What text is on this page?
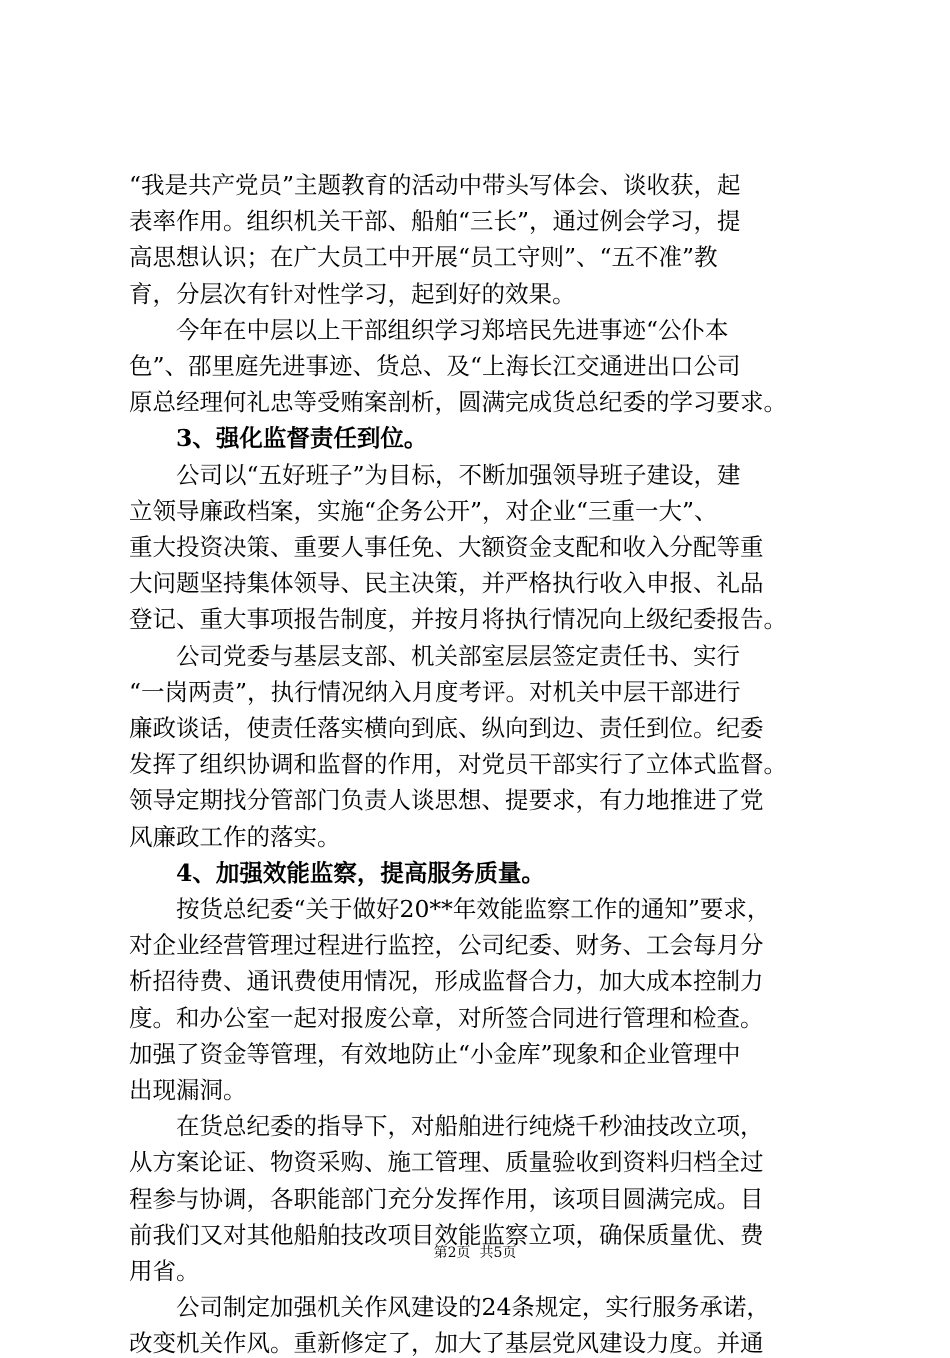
“我是共产党员”主题教育的活动中带头写体会、谈收获，起
表率作用。组织机关干部、船舶“三长”，通过例会学习，提
高思想认识；在广大员工中开展“员工守则”、“五不准”教
育，分层次有针对性学习，起到好的效果。
　　今年在中层以上干部组织学习郑培民先进事迹“公仆本
色”、邵里庭先进事迹、货总、及“上海长江交通进出口公司
原总经理何礼忠等受贿案剖析，圆满完成货总纪委的学习要求。
　　3、强化监督责任到位。
　　公司以“五好班子”为目标，不断加强领导班子建设，建
立领导廉政档案，实施“企务公开”，对企业“三重一大”、
重大投资决策、重要人事任免、大额资金支配和收入分配等重
大问题坚持集体领导、民主决策，并严格执行收入申报、礼品
登记、重大事项报告制度，并按月将执行情况向上级纪委报告。
　　公司党委与基层支部、机关部室层层签定责任书、实行
“一岗两责”，执行情况纳入月度考评。对机关中层干部进行
廉政谈话，使责任落实横向到底、纵向到边、责任到位。纪委
发挥了组织协调和监督的作用，对党员干部实行了立体式监督。
领导定期找分管部门负责人谈思想、提要求，有力地推进了党
风廉政工作的落实。
　　4、加强效能监察，提高服务质量。
　　按货总纪委“关于做好20**年效能监察工作的通知”要求，
对企业经营管理过程进行监控，公司纪委、财务、工会每月分
析招待费、通讯费使用情况，形成监督合力，加大成本控制力
度。和办公室一起对报废公章，对所签合同进行管理和检查。
加强了资金等管理，有效地防止“小金库”现象和企业管理中
出现漏洞。
　　在货总纪委的指导下，对船舶进行纯烧千秒油技改立项，
从方案论证、物资采购、施工管理、质量验收到资料归档全过
程参与协调，各职能部门充分发挥作用，该项目圆满完成。目
前我们又对其他船舶技改项目效能监察立项，确保质量优、费
用省。
　　公司制定加强机关作风建设的24条规定，实行服务承诺，
改变机关作风。重新修定了，加大了基层党风建设力度。并通
第2页  共5页
